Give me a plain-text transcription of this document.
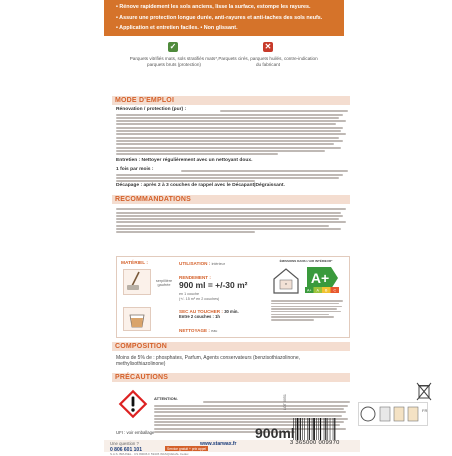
• Rénove rapidement les sols anciens, lisse la surface, estompe les rayures.
• Assure une protection longue durée, anti-rayures et anti-taches des sols neufs.
• Application et entretien faciles. • Non glissant.
✓	✕
Parquets vitrifiés mats, sols stratifiés mats*, parquets bruts (protection)
Parquets cirés, parquets huilés, contre-indication du fabricant
MODE D'EMPLOI
Rénovation / protection (pur) :
Entretien : Nettoyer régulièrement avec un nettoyant doux.
1 fois par mois :
Décapage : après 2 à 3 couches de rappel avec le Décapant|Dégraissant.
RECOMMANDATIONS
MATÉRIEL :
serpillière gaufrée
UTILISATION : intérieur
RENDEMENT :
900 ml = +/-30 m²
en 1 couche
(+/- 15 m² en 2 couches)
SEC AU TOUCHER : 30 min.
Entre 2 couches : 1h
NETTOYAGE : eau
ÉMISSIONS DANS L'AIR INTÉRIEUR*
* A+
A+ A B C
COMPOSITION
Moins de 5% de : phosphates, Parfum, Agents conservateurs (benzisothiazolinone, methylisothiazolinone)
PRÉCAUTIONS
ATTENTION.
UFI : voir emballage
FR
Une question ?
0 806 601 101	Service gratuit + prix appel
www.starwax.fr
S.A.S. BRUNEL · CS 80006 F 59445 WASQUEHAL Cedex
900ml
LOT 0051
3 365000 009970
